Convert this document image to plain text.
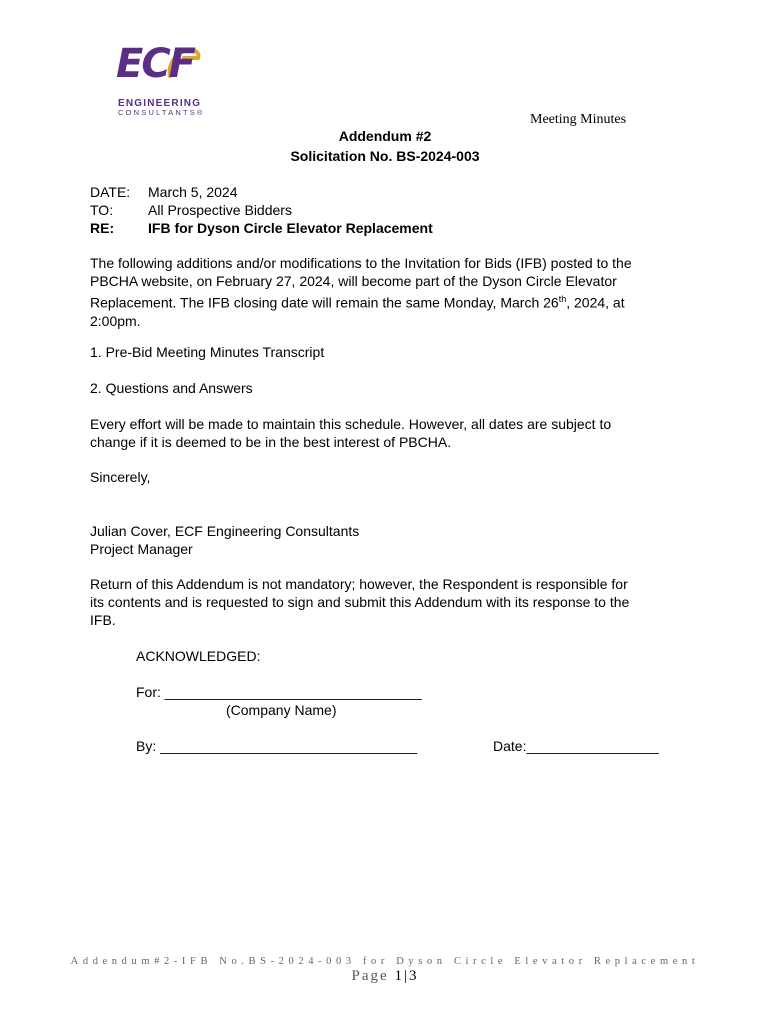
ECF
ENGINEERING
CONSULTANTS®	Meeting Minutes
Addendum #2
Solicitation No. BS-2024-003
DATE: March 5, 2024
TO: All Prospective Bidders
RE: IFB for Dyson Circle Elevator Replacement
The following additions and/or modifications to the Invitation for Bids (IFB) posted to the
PBCHA website, on February 27, 2024, will become part of the Dyson Circle Elevator
Replacement. The IFB closing date will remain the same Monday, March 26th, 2024, at
2:00pm.
1. Pre-Bid Meeting Minutes Transcript
2. Questions and Answers
Every effort will be made to maintain this schedule. However, all dates are subject to
change if it is deemed to be in the best interest of PBCHA.
Sincerely,
Julian Cover, ECF Engineering Consultants
Project Manager
Return of this Addendum is not mandatory; however, the Respondent is responsible for
its contents and is requested to sign and submit this Addendum with its response to the
IFB.
ACKNOWLEDGED:
For: _________________________________
(Company Name)
By: _________________________________	Date:_________________
Addendum#2-IFB No.BS-2024-003 for Dyson Circle Elevator Replacement
Page 1|3
